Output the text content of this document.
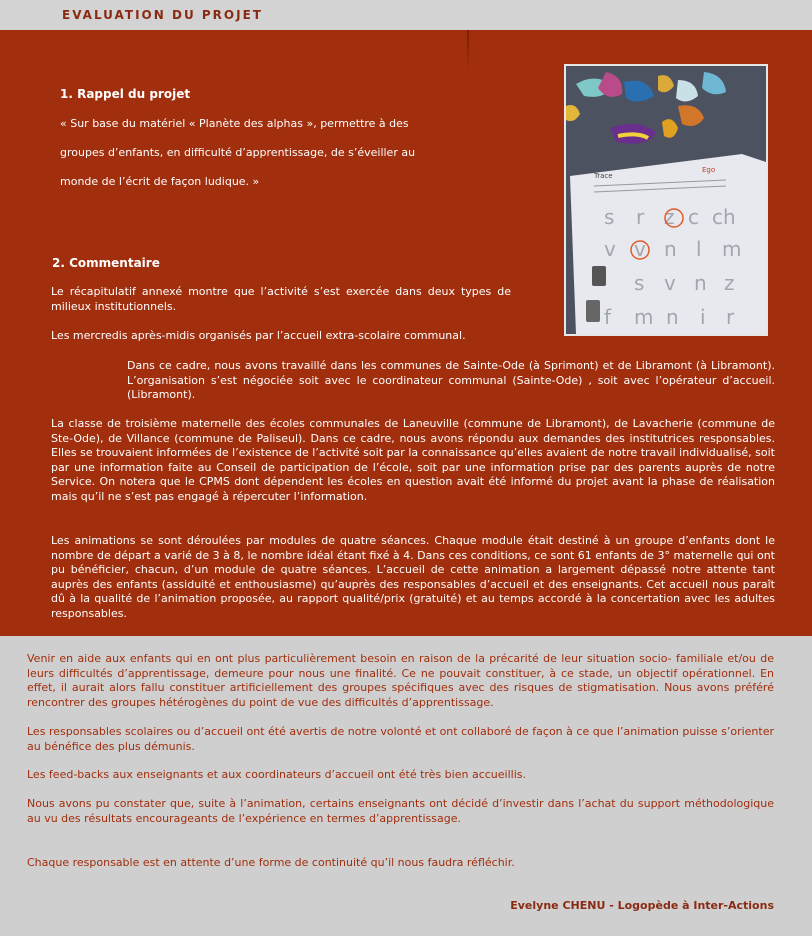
EVALUATION DU PROJET
1. Rappel du projet
« Sur base du matériel « Planète des alphas », permettre à des
groupes d’enfants, en difficulté d’apprentissage, de s’éveiller au
monde de l’écrit de façon ludique. »	Trace
Ego
s r z c ch
v v n l m
s v n z
f m n i r
2. Commentaire

Le récapitulatif annexé montre que l’activité s’est exercée dans deux types de milieux institutionnels.

Les mercredis après-midis organisés par l’accueil extra-scolaire communal.

Dans ce cadre, nous avons travaillé dans les communes de Sainte-Ode (à Sprimont) et de Libramont (à Libramont). L’organisation s’est négociée soit avec le coordinateur communal (Sainte-Ode) , soit avec l’opérateur d’accueil. (Libramont).

La classe de troisième maternelle des écoles communales de Laneuville (commune de Libramont), de Lavacherie (commune de Ste-Ode), de Villance (commune de Paliseul). Dans ce cadre, nous avons répondu aux demandes des institutrices responsables. Elles se trouvaient informées de l’existence de l’activité soit par la connaissance qu’elles avaient de notre travail individualisé, soit par une information faite au Conseil de participation de l’école, soit par une information prise par des parents auprès de notre Service. On notera que le CPMS dont dépendent les écoles en question avait été informé du projet avant la phase de réalisation mais qu’il ne s’est pas engagé à répercuter l’information.

Les animations se sont déroulées par modules de quatre séances. Chaque module était destiné à un groupe d’enfants dont le nombre de départ a varié de 3 à 8, le nombre idéal étant fixé à 4. Dans ces conditions, ce sont 61 enfants de 3° maternelle qui ont pu bénéficier, chacun, d’un module de quatre séances. L’accueil de cette animation a largement dépassé notre attente tant auprès des enfants (assiduité et enthousiasme) qu’auprès des responsables d’accueil et des enseignants. Cet accueil nous paraît dû à la qualité de l’animation proposée, au rapport qualité/prix (gratuité) et au temps accordé à la concertation avec les adultes responsables.

Venir en aide aux enfants qui en ont plus particulièrement besoin en raison de la précarité de leur situation socio- familiale et/ou de leurs difficultés d’apprentissage, demeure pour nous une finalité. Ce ne pouvait constituer, à ce stade, un objectif opérationnel. En effet, il aurait alors fallu constituer artificiellement des groupes spécifiques avec des risques de stigmatisation. Nous avons préféré rencontrer des groupes hétérogènes du point de vue des difficultés d’apprentissage.

Les responsables scolaires ou d’accueil ont été avertis de notre volonté et ont collaboré de façon à ce que l’animation puisse s’orienter au bénéfice des plus démunis.

Les feed-backs aux enseignants et aux coordinateurs d’accueil ont été très bien accueillis.

Nous avons pu constater que, suite à l’animation, certains enseignants ont décidé d’investir dans l’achat du support méthodologique au vu des résultats encourageants de l’expérience en termes d’apprentissage.

Chaque responsable est en attente d’une forme de continuité qu’il nous faudra réfléchir.

Evelyne CHENU - Logopède à Inter-Actions
